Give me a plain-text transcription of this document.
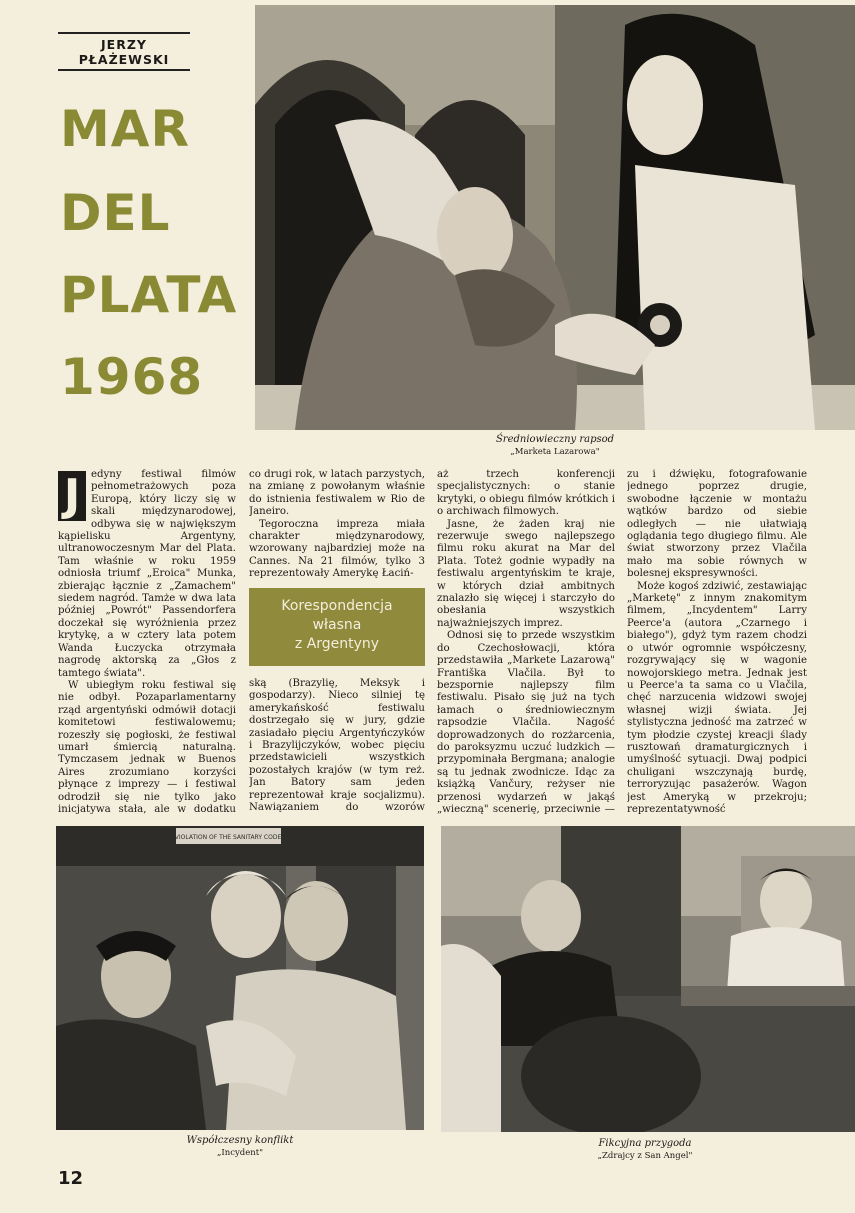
JERZY PŁAŻEWSKI
MAR
DEL
PLATA
1968
Średniowieczny rapsod
„Marketa Lazarowa"
J	edyny festiwal filmów pełnometrażowych poza Europą, który liczy się w skali międzynarodowej, odbywa się w największym kąpielisku Argentyny, ultranowoczesnym Mar del Plata. Tam właśnie w roku 1959 odniosła triumf „Eroica" Munka, zbierając łącznie z „Zamachem" siedem nagród. Tamże w dwa lata później „Powrót" Passendorfera doczekał się wyróżnienia przez krytykę, a w cztery lata potem Wanda Łuczycka otrzymała nagrodę aktorską za „Głos z tamtego świata".

W ubiegłym roku festiwal się nie odbył. Pozaparlamentarny rząd argentyński odmówił dotacji komitetowi festiwalowemu; rozeszły się pogłoski, że festiwal umarł śmiercią naturalną. Tymczasem jednak w Buenos Aires zrozumiano korzyści płynące z imprezy — i festiwal odrodził się nie tylko jako inicjatywa stała, ale w dodatku

co drugi rok, w latach parzystych, na zmianę z powołanym właśnie do istnienia festiwalem w Rio de Janeiro.

Tegoroczna impreza miała charakter międzynarodowy, wzorowany najbardziej może na Cannes. Na 21 filmów, tylko 3 reprezentowały Amerykę Łaciń-

Korespondencja
własna
z Argentyny

ską (Brazylię, Meksyk i gospodarzy). Nieco silniej tę amerykańskość festiwalu dostrzegało się w jury, gdzie zasiadało pięciu Argentyńczyków i Brazylijczyków, wobec pięciu przedstawicieli wszystkich pozostałych krajów (w tym reż. Jan Batory sam jeden reprezentował kraje socjalizmu). Nawiązaniem do wzorów

aż trzech konferencji specjalistycznych: o stanie krytyki, o obiegu filmów krótkich i o archiwach filmowych.

Jasne, że żaden kraj nie rezerwuje swego najlepszego filmu roku akurat na Mar del Plata. Toteż godnie wypadły na festiwalu argentyńskim te kraje, w których dział ambitnych znalazło się więcej i starczyło do obesłania wszystkich najważniejszych imprez.

Odnosi się to przede wszystkim do Czechosłowacji, która przedstawiła „Markete Lazarową" Františka Vlačila. Był to bezspornie najlepszy film festiwalu. Pisało się już na tych łamach o średniowiecznym rapsodzie Vlačila. Nagość doprowadzonych do rozżarcenia, do paroksyzmu uczuć ludzkich — przypominała Bergmana; analogie są tu jednak zwodnicze. Idąc za książką Vančury, reżyser nie przenosi wydarzeń w jakąś „wieczną" scenerię, przeciwnie —

zu i dźwięku, fotografowanie jednego poprzez drugie, swobodne łączenie w montażu wątków bardzo od siebie odległych — nie ułatwiają oglądania tego długiego filmu. Ale świat stworzony przez Vlačila mało ma sobie równych w bolesnej ekspresywności.

Może kogoś zdziwić, zestawiając „Marketę" z innym znakomitym filmem, „Incydentem" Larry Peerce'a (autora „Czarnego i białego"), gdyż tym razem chodzi o utwór ogromnie współczesny, rozgrywający się w wagonie nowojorskiego metra. Jednak jest u Peerce'a ta sama co u Vlačila, chęć narzucenia widzowi swojej własnej wizji świata. Jej stylistyczna jedność ma zatrzeć w tym płodzie czystej kreacji ślady rusztowań dramaturgicznych i umyślność sytuacji. Dwaj podpici chuligani wszczynają burdę, terroryzując pasażerów. Wagon jest Ameryką w przekroju; reprezentatywność

VIOLATION OF THE SANITARY CODE
Współczesny konflikt
„Incydent"
Fikcyjna przygoda
„Zdrajcy z San Angel"
12
